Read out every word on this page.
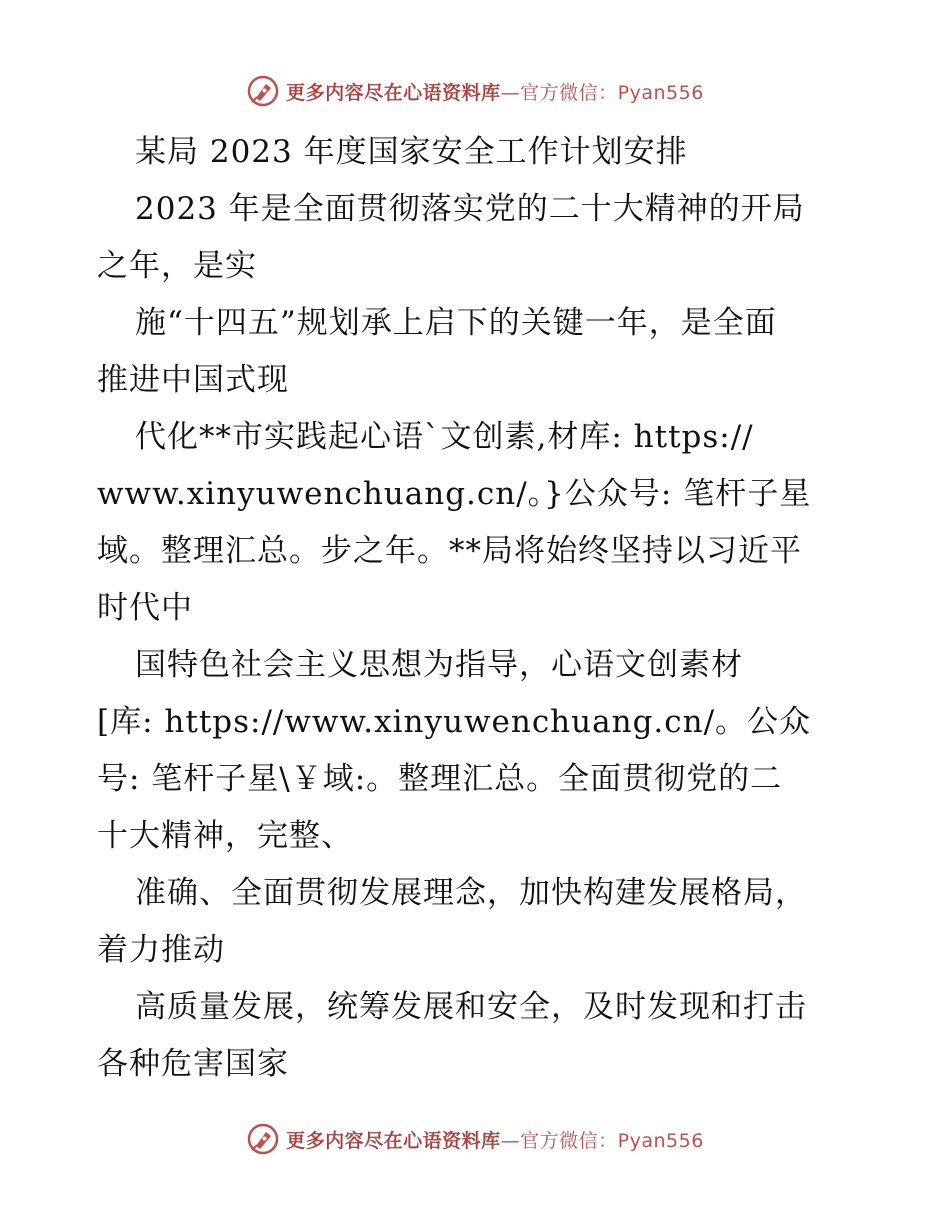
更多内容尽在心语资料库—官方微信：Pyan556
某局 2023 年度国家安全工作计划安排
2023 年是全面贯彻落实党的二十大精神的开局
之年，是实
施“十四五”规划承上启下的关键一年，是全面
推进中国式现
代化**市实践起心语`文创素,材库: https://
www.xinyuwenchuang.cn/。}公众号: 笔杆子星
域。整理汇总。步之年。**局将始终坚持以习近平
时代中
国特色社会主义思想为指导，心语文创素材
[库: https://www.xinyuwenchuang.cn/。公众
号: 笔杆子星\￥域:。整理汇总。全面贯彻党的二
十大精神，完整、
准确、全面贯彻发展理念，加快构建发展格局，
着力推动
高质量发展，统筹发展和安全，及时发现和打击
各种危害国家
更多内容尽在心语资料库—官方微信：Pyan556
